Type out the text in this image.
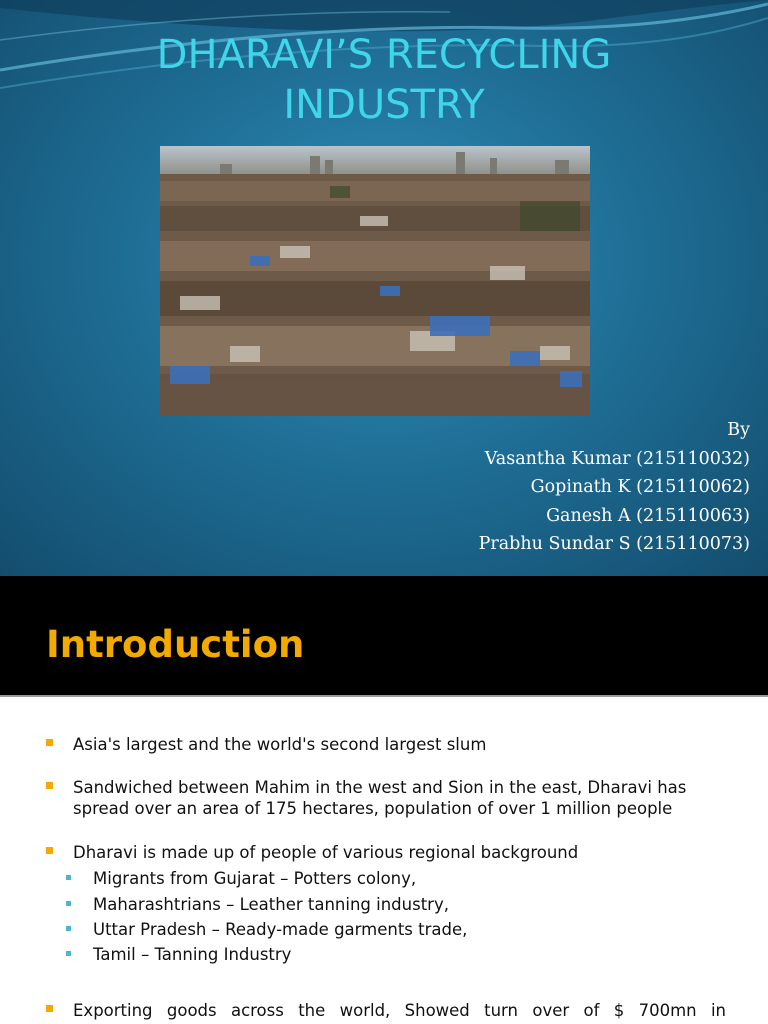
DHARAVI’S RECYCLING
INDUSTRY
By
Vasantha Kumar (215110032)
Gopinath K (215110062)
Ganesh A (215110063)
Prabhu Sundar S (215110073)
Introduction
Asia's largest and the world's second largest slum
Sandwiched between Mahim in the west and Sion in the east, Dharavi has spread over an area of 175 hectares, population of over 1 million people
Dharavi is made up of people of various regional background
Migrants from Gujarat – Potters colony,
Maharashtrians – Leather tanning industry,
Uttar Pradesh – Ready-made garments trade,
Tamil – Tanning Industry
Exporting goods across the world, Showed turn over of $ 700mn in
